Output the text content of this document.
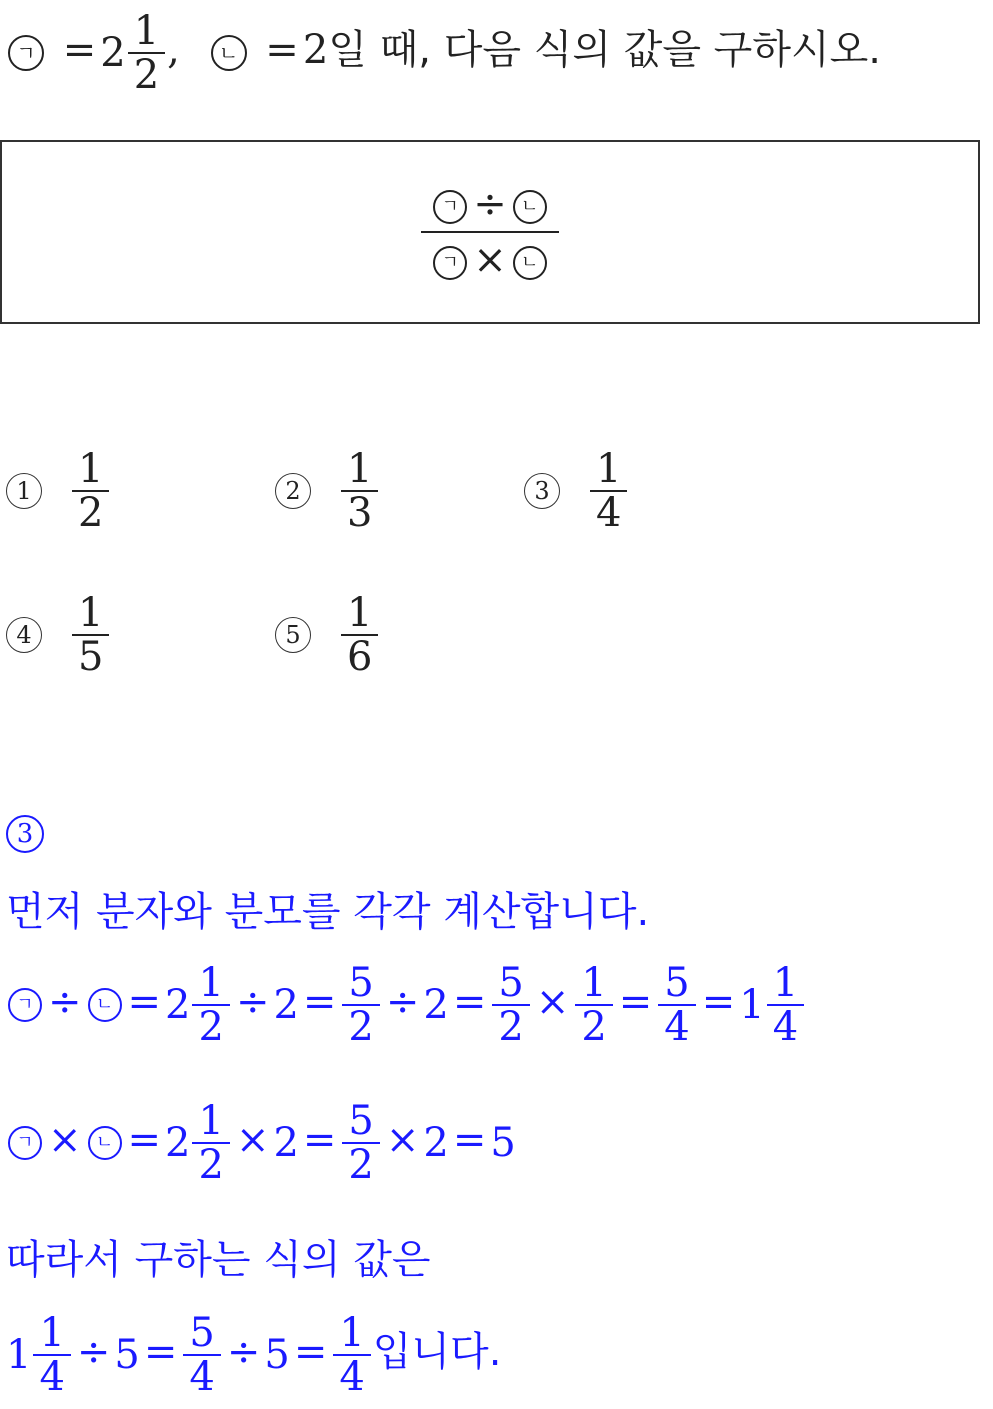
ㄱ = $2 \frac{1}{2}$ , ㄴ = 2일 때, 다음 식의 값을 구하시오.
$\frac{\text{ㄱ ÷ ㄴ}}{\text{ㄱ × ㄴ}}$
$1 \frac{1}{2}$	$2 \frac{1}{3}$	$3 \frac{1}{4}$
$4 \frac{1}{5}$	$5 \frac{1}{6}$
3
먼저 분자와 분모를 각각 계산합니다.
ㄱ ÷ ㄴ = $2 \frac{1}{2} \div 2 = \frac{5}{2} \div 2 = \frac{5}{2} \times \frac{1}{2} = \frac{5}{4} = 1 \frac{1}{4}$
ㄱ × ㄴ = $2 \frac{1}{2} \times 2 = \frac{5}{2} \times 2 = 5$
따라서 구하는 식의 값은
$1 \frac{1}{4} \div 5 = \frac{5}{4} \div 5 = \frac{1}{4}$ 입니다.
